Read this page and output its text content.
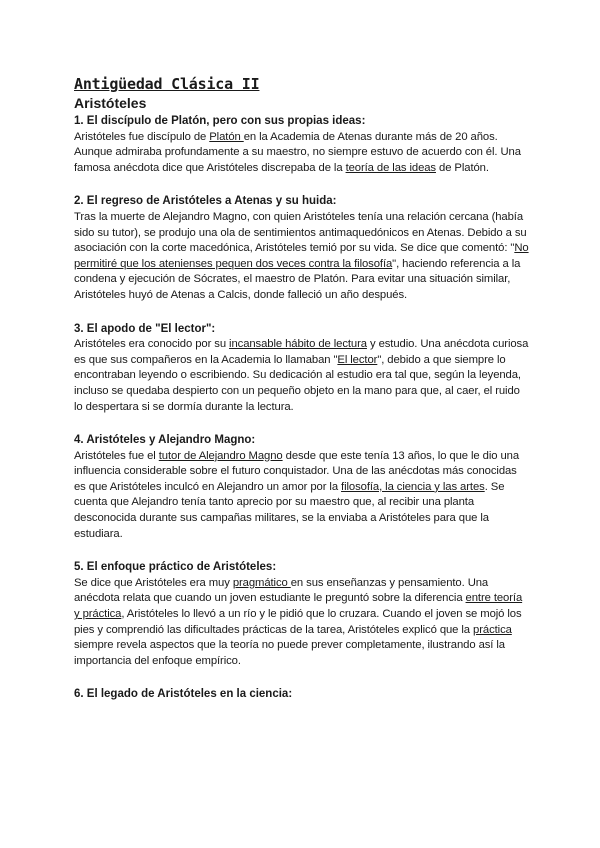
Antigüedad Clásica II
Aristóteles
1. El discípulo de Platón, pero con sus propias ideas:

Aristóteles fue discípulo de Platón en la Academia de Atenas durante más de 20 años. Aunque admiraba profundamente a su maestro, no siempre estuvo de acuerdo con él. Una famosa anécdota dice que Aristóteles discrepaba de la teoría de las ideas de Platón.

2. El regreso de Aristóteles a Atenas y su huida:

Tras la muerte de Alejandro Magno, con quien Aristóteles tenía una relación cercana (había sido su tutor), se produjo una ola de sentimientos antimaquedónicos en Atenas. Debido a su asociación con la corte macedónica, Aristóteles temió por su vida. Se dice que comentó: "No permitiré que los atenienses pequen dos veces contra la filosofía", haciendo referencia a la condena y ejecución de Sócrates, el maestro de Platón. Para evitar una situación similar, Aristóteles huyó de Atenas a Calcis, donde falleció un año después.

3. El apodo de "El lector":

Aristóteles era conocido por su incansable hábito de lectura y estudio. Una anécdota curiosa es que sus compañeros en la Academia lo llamaban "El lector", debido a que siempre lo encontraban leyendo o escribiendo. Su dedicación al estudio era tal que, según la leyenda, incluso se quedaba despierto con un pequeño objeto en la mano para que, al caer, el ruido lo despertara si se dormía durante la lectura.

4. Aristóteles y Alejandro Magno:

Aristóteles fue el tutor de Alejandro Magno desde que este tenía 13 años, lo que le dio una influencia considerable sobre el futuro conquistador. Una de las anécdotas más conocidas es que Aristóteles inculcó en Alejandro un amor por la filosofía, la ciencia y las artes. Se cuenta que Alejandro tenía tanto aprecio por su maestro que, al recibir una planta desconocida durante sus campañas militares, se la enviaba a Aristóteles para que la estudiara.

5. El enfoque práctico de Aristóteles:

Se dice que Aristóteles era muy pragmático en sus enseñanzas y pensamiento. Una anécdota relata que cuando un joven estudiante le preguntó sobre la diferencia entre teoría y práctica, Aristóteles lo llevó a un río y le pidió que lo cruzara. Cuando el joven se mojó los pies y comprendió las dificultades prácticas de la tarea, Aristóteles explicó que la práctica siempre revela aspectos que la teoría no puede prever completamente, ilustrando así la importancia del enfoque empírico.

6. El legado de Aristóteles en la ciencia:
